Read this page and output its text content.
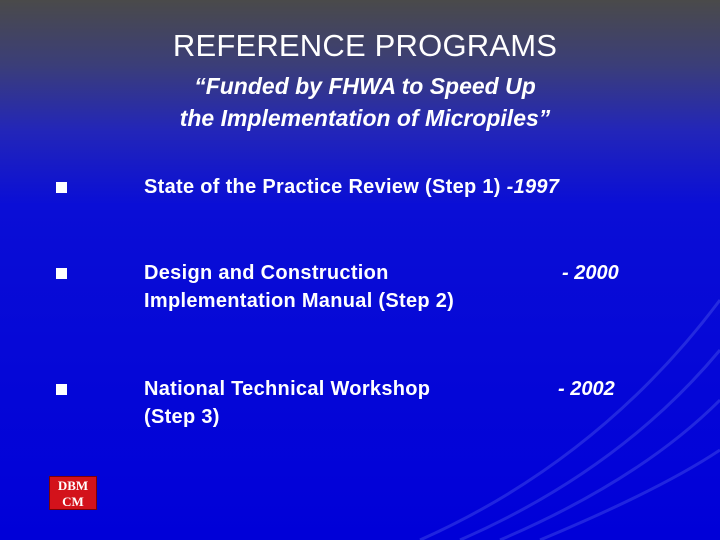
REFERENCE PROGRAMS
“Funded by FHWA to Speed Up
the Implementation of Micropiles”
State of the Practice Review (Step 1) -1997
Design and Construction
Implementation Manual (Step 2)
- 2000
National Technical Workshop
(Step 3)
- 2002
DBM
CM
